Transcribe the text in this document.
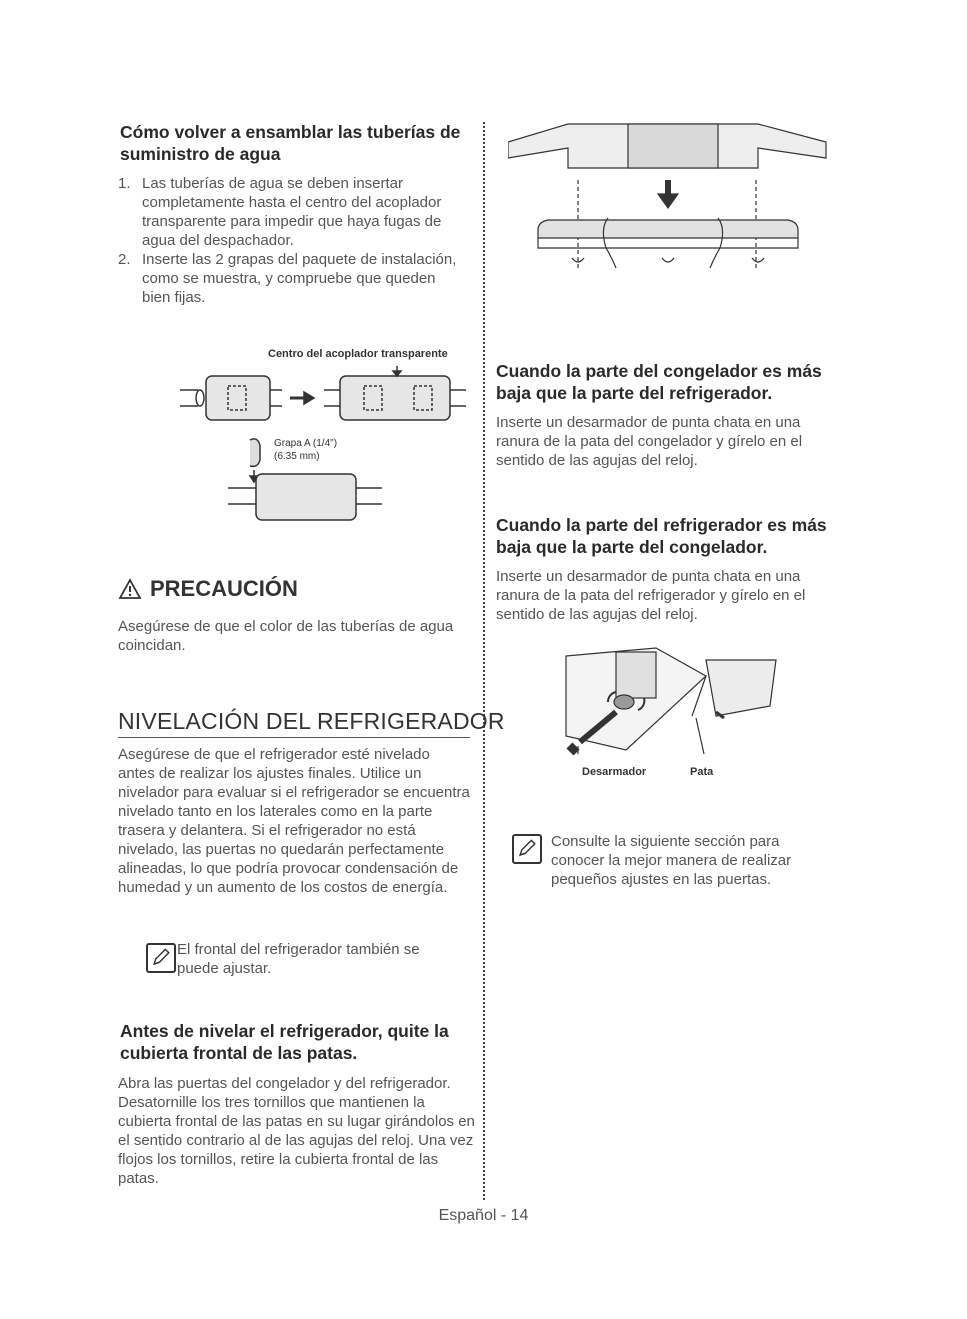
Cómo volver a ensamblar las tuberías de suministro de agua
1. Las tuberías de agua se deben insertar completamente hasta el centro del acoplador transparente para impedir que haya fugas de agua del despachador.
2. Inserte las 2 grapas del paquete de instalación, como se muestra, y compruebe que queden bien fijas.
Centro del acoplador transparente
Grapa A (1/4")
(6.35 mm)
PRECAUCIÓN
Asegúrese de que el color de las tuberías de agua coincidan.
NIVELACIÓN DEL REFRIGERADOR
Asegúrese de que el refrigerador esté nivelado antes de realizar los ajustes finales. Utilice un nivelador para evaluar si el refrigerador se encuentra nivelado tanto en los laterales como en la parte trasera y delantera. Si el refrigerador no está nivelado, las puertas no quedarán perfectamente alineadas, lo que podría provocar condensación de humedad y un aumento de los costos de energía.
El frontal del refrigerador también se puede ajustar.
Antes de nivelar el refrigerador, quite la cubierta frontal de las patas.
Abra las puertas del congelador y del refrigerador. Desatornille los tres tornillos que mantienen la cubierta frontal de las patas en su lugar girándolos en el sentido contrario al de las agujas del reloj. Una vez flojos los tornillos, retire la cubierta frontal de las patas.
Cuando la parte del congelador es más baja que la parte del refrigerador.
Inserte un desarmador de punta chata en una ranura de la pata del congelador y gírelo en el sentido de las agujas del reloj.
Cuando la parte del refrigerador es más baja que la parte del congelador.
Inserte un desarmador de punta chata en una ranura de la pata del refrigerador y gírelo en el sentido de las agujas del reloj.
Desarmador	Pata
Consulte la siguiente sección para conocer la mejor manera de realizar pequeños ajustes en las puertas.
Español - 14
